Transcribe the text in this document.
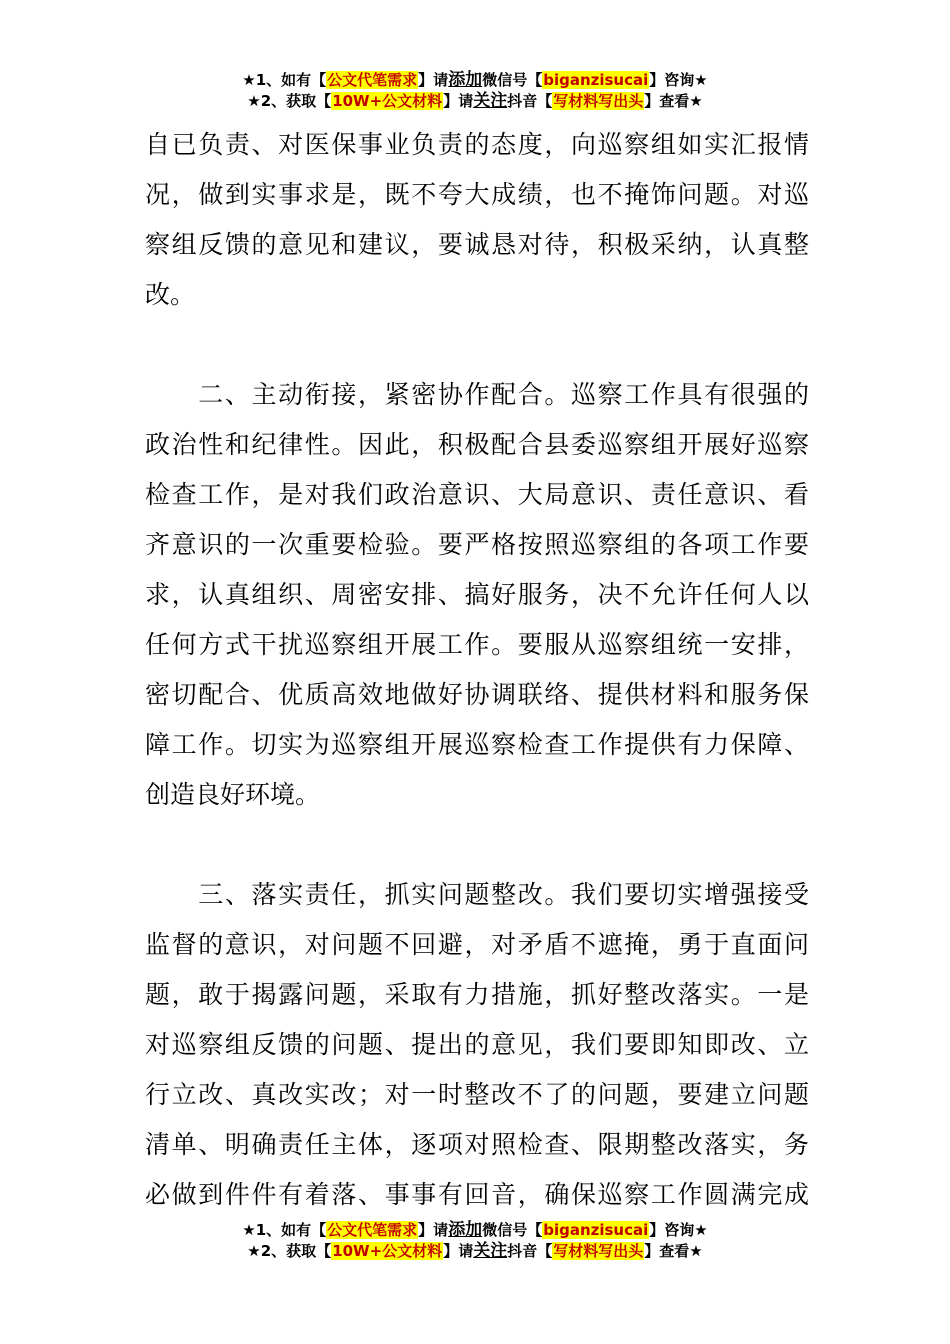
★1、如有【公文代笔需求】请添加微信号【biganzisucai】咨询★
★2、获取【10W+公文材料】请关注抖音【写材料写出头】查看★
自已负责、对医保事业负责的态度，向巡察组如实汇报情
况，做到实事求是，既不夸大成绩，也不掩饰问题。对巡
察组反馈的意见和建议，要诚恳对待，积极采纳，认真整
改。
　　二、主动衔接，紧密协作配合。巡察工作具有很强的
政治性和纪律性。因此，积极配合县委巡察组开展好巡察
检查工作，是对我们政治意识、大局意识、责任意识、看
齐意识的一次重要检验。要严格按照巡察组的各项工作要
求，认真组织、周密安排、搞好服务，决不允许任何人以
任何方式干扰巡察组开展工作。要服从巡察组统一安排，
密切配合、优质高效地做好协调联络、提供材料和服务保
障工作。切实为巡察组开展巡察检查工作提供有力保障、
创造良好环境。
　　三、落实责任，抓实问题整改。我们要切实增强接受
监督的意识，对问题不回避，对矛盾不遮掩，勇于直面问
题，敢于揭露问题，采取有力措施，抓好整改落实。一是
对巡察组反馈的问题、提出的意见，我们要即知即改、立
行立改、真改实改；对一时整改不了的问题，要建立问题
清单、明确责任主体，逐项对照检查、限期整改落实，务
必做到件件有着落、事事有回音，确保巡察工作圆满完成
★1、如有【公文代笔需求】请添加微信号【biganzisucai】咨询★
★2、获取【10W+公文材料】请关注抖音【写材料写出头】查看★
